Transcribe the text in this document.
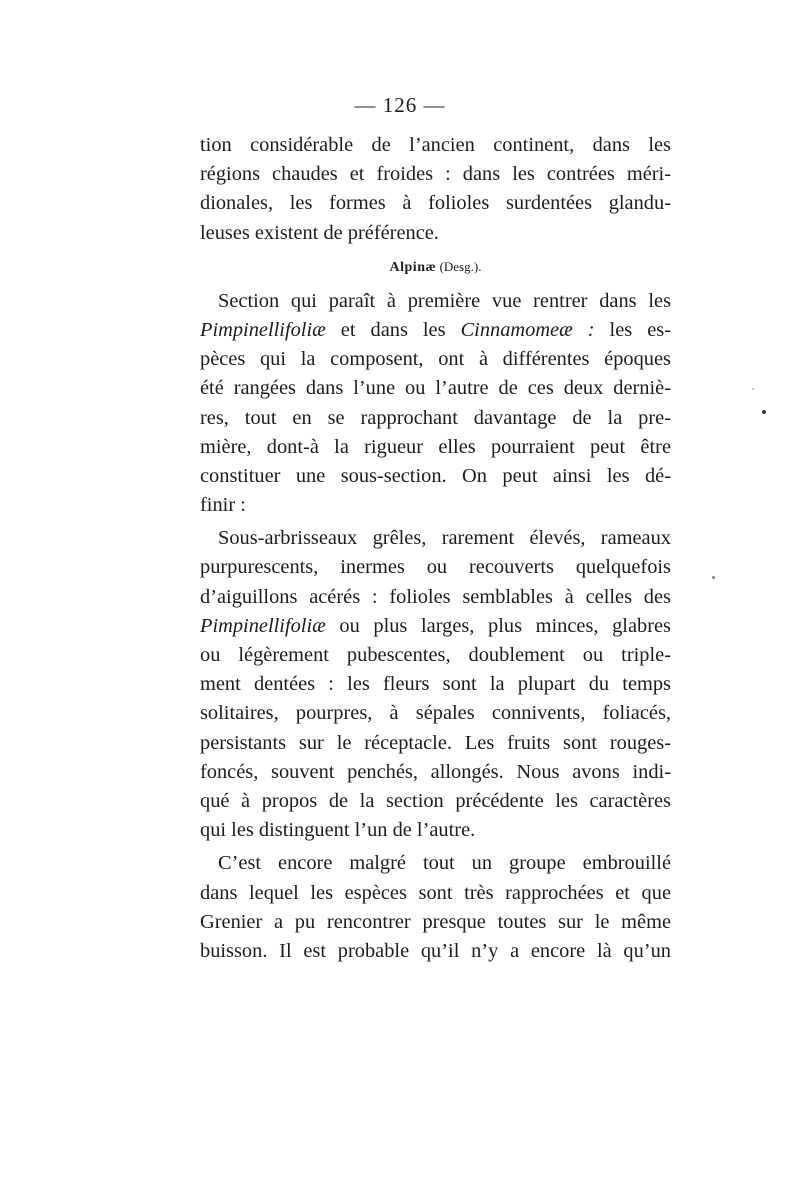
— 126 —
tion considérable de l’ancien continent, dans les
régions chaudes et froides : dans les contrées méri-
dionales, les formes à folioles surdentées glandu-
leuses existent de préférence.
Alpinæ (Desg.).
Section qui paraît à première vue rentrer dans les
Pimpinellifoliæ et dans les Cinnamomeæ : les es-
pèces qui la composent, ont à différentes époques
été rangées dans l’une ou l’autre de ces deux derniè-
res, tout en se rapprochant davantage de la pre-
mière, dont-à la rigueur elles pourraient peut être
constituer une sous-section. On peut ainsi les dé-
finir :
Sous-arbrisseaux grêles, rarement élevés, rameaux
purpurescents, inermes ou recouverts quelquefois
d’aiguillons acérés : folioles semblables à celles des
Pimpinellifoliæ ou plus larges, plus minces, glabres
ou légèrement pubescentes, doublement ou triple-
ment dentées : les fleurs sont la plupart du temps
solitaires, pourpres, à sépales connivents, foliacés,
persistants sur le réceptacle. Les fruits sont rouges-
foncés, souvent penchés, allongés. Nous avons indi-
qué à propos de la section précédente les caractères
qui les distinguent l’un de l’autre.
C’est encore malgré tout un groupe embrouillé
dans lequel les espèces sont très rapprochées et que
Grenier a pu rencontrer presque toutes sur le même
buisson. Il est probable qu’il n’y a encore là qu’un
